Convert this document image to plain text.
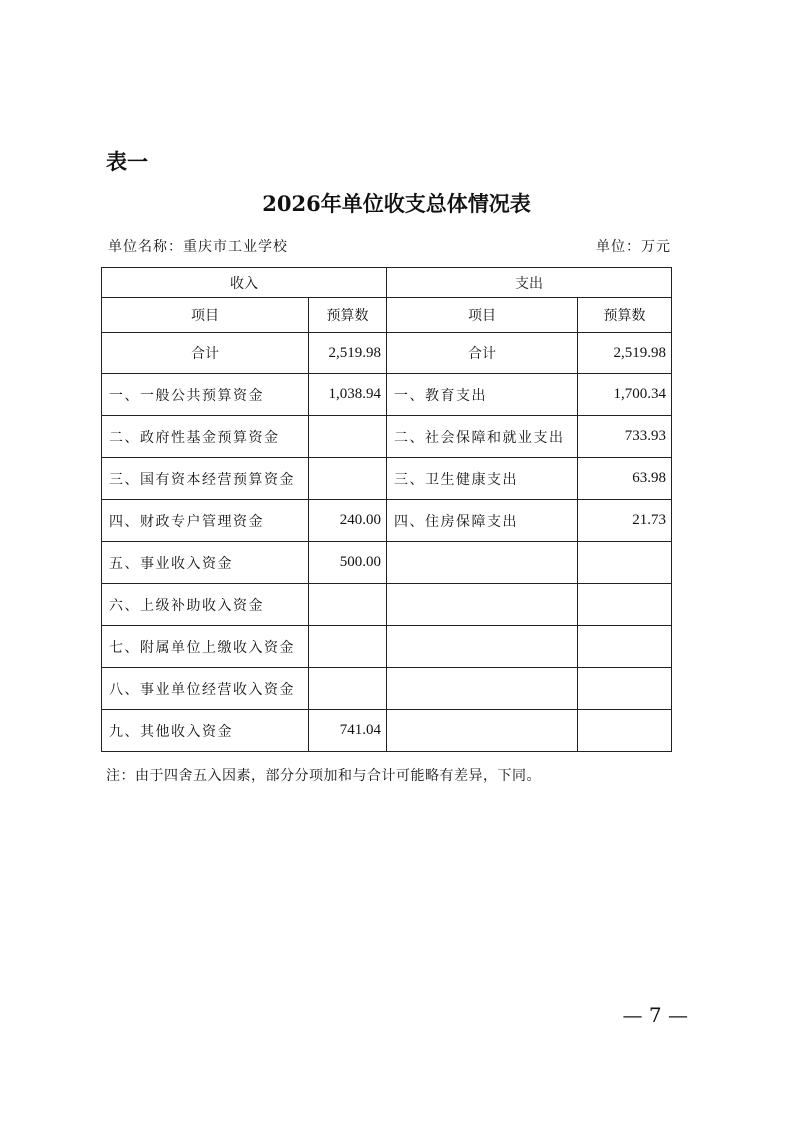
表一
2026年单位收支总体情况表
单位名称：重庆市工业学校	单位：万元
收入		支出	
项目	预算数	项目	预算数
合计	2,519.98	合计	2,519.98
一、一般公共预算资金	1,038.94	一、教育支出	1,700.34
二、政府性基金预算资金		二、社会保障和就业支出	733.93
三、国有资本经营预算资金		三、卫生健康支出	63.98
四、财政专户管理资金	240.00	四、住房保障支出	21.73
五、事业收入资金	500.00		
六、上级补助收入资金			
七、附属单位上缴收入资金			
八、事业单位经营收入资金			
九、其他收入资金	741.04		
注：由于四舍五入因素，部分分项加和与合计可能略有差异，下同。
— 7 —
